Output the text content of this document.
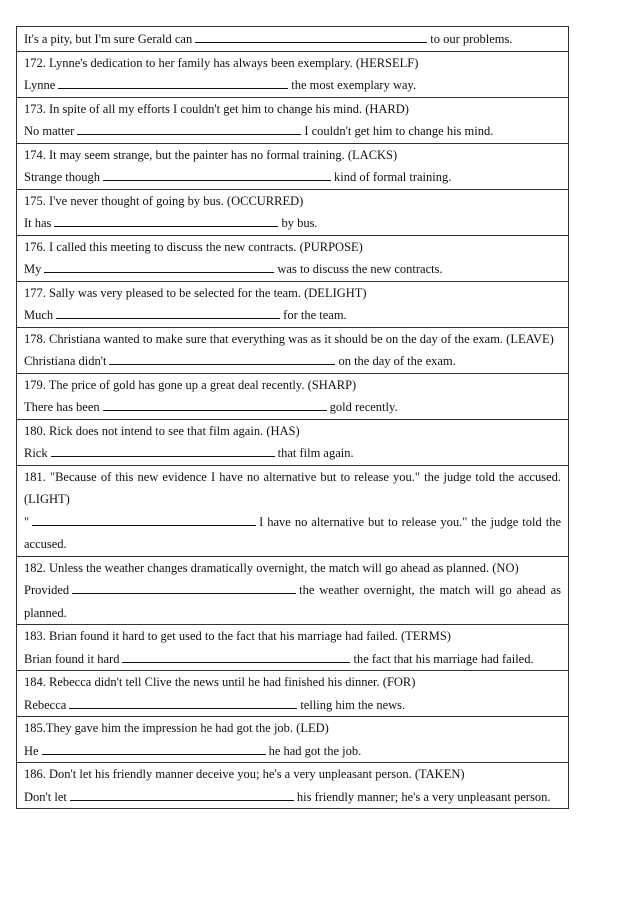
It's a pity, but I'm sure Gerald can	to our problems.
172. Lynne's dedication to her family has always been exemplary. (HERSELF)
Lynne	the most exemplary way.
173. In spite of all my efforts I couldn't get him to change his mind. (HARD)
No matter	I couldn't get him to change his mind.
174. It may seem strange, but the painter has no formal training. (LACKS)
Strange though	kind of formal training.
175. I've never thought of going by bus. (OCCURRED)
It has	by bus.
176. I called this meeting to discuss the new contracts. (PURPOSE)
My	was to discuss the new contracts.
177. Sally was very pleased to be selected for the team. (DELIGHT)
Much	for the team.
178. Christiana wanted to make sure that everything was as it should be on the day of the exam. (LEAVE)
Christiana didn't	on the day of the exam.
179. The price of gold has gone up a great deal recently. (SHARP)
There has been	gold recently.
180. Rick does not intend to see that film again. (HAS)
Rick	that film again.
181. "Because of this new evidence I have no alternative but to release you." the judge told the accused. (LIGHT)
"	I have no alternative but to release you." the judge told the accused.
182. Unless the weather changes dramatically overnight, the match will go ahead as planned. (NO)
Provided	the weather overnight, the match will go ahead as planned.
183. Brian found it hard to get used to the fact that his marriage had failed. (TERMS)
Brian found it hard	the fact that his marriage had failed.
184. Rebecca didn't tell Clive the news until he had finished his dinner. (FOR)
Rebecca	telling him the news.
185.They gave him the impression he had got the job. (LED)
He	he had got the job.
186. Don't let his friendly manner deceive you; he's a very unpleasant person. (TAKEN)
Don't let	his friendly manner; he's a very unpleasant person.
